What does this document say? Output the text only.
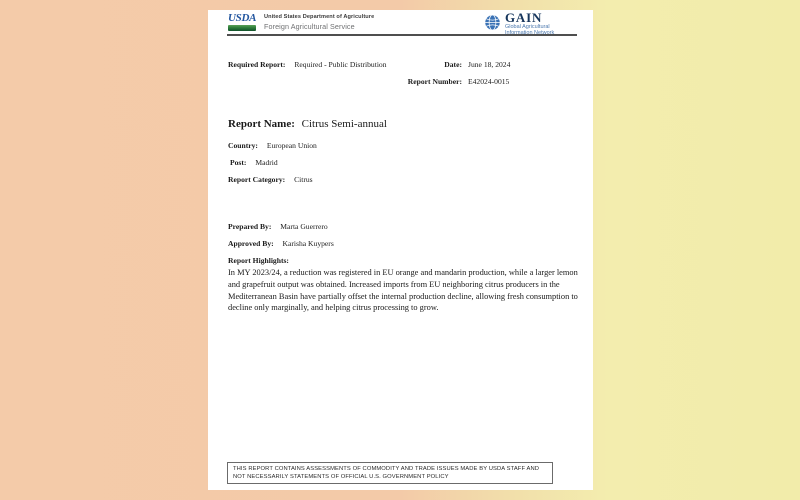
USDA	United States Department of Agriculture
Foreign Agricultural Service
GAIN
Global Agricultural
Required Report: Required - Public Distribution	Date: June 18, 2024
Report Number: E42024-0015
Report Name: Citrus Semi-annual
Country: European Union
Post: Madrid
Report Category: Citrus
Prepared By: Marta Guerrero
Approved By: Karisha Kuypers
Report Highlights:
In MY 2023/24, a reduction was registered in EU orange and mandarin production, while a larger lemon and grapefruit output was obtained. Increased imports from EU neighboring citrus producers in the Mediterranean Basin have partially offset the internal production decline, allowing fresh consumption to decline only marginally, and helping citrus processing to grow.
THIS REPORT CONTAINS ASSESSMENTS OF COMMODITY AND TRADE ISSUES MADE BY USDA STAFF AND NOT NECESSARILY STATEMENTS OF OFFICIAL U.S. GOVERNMENT POLICY
